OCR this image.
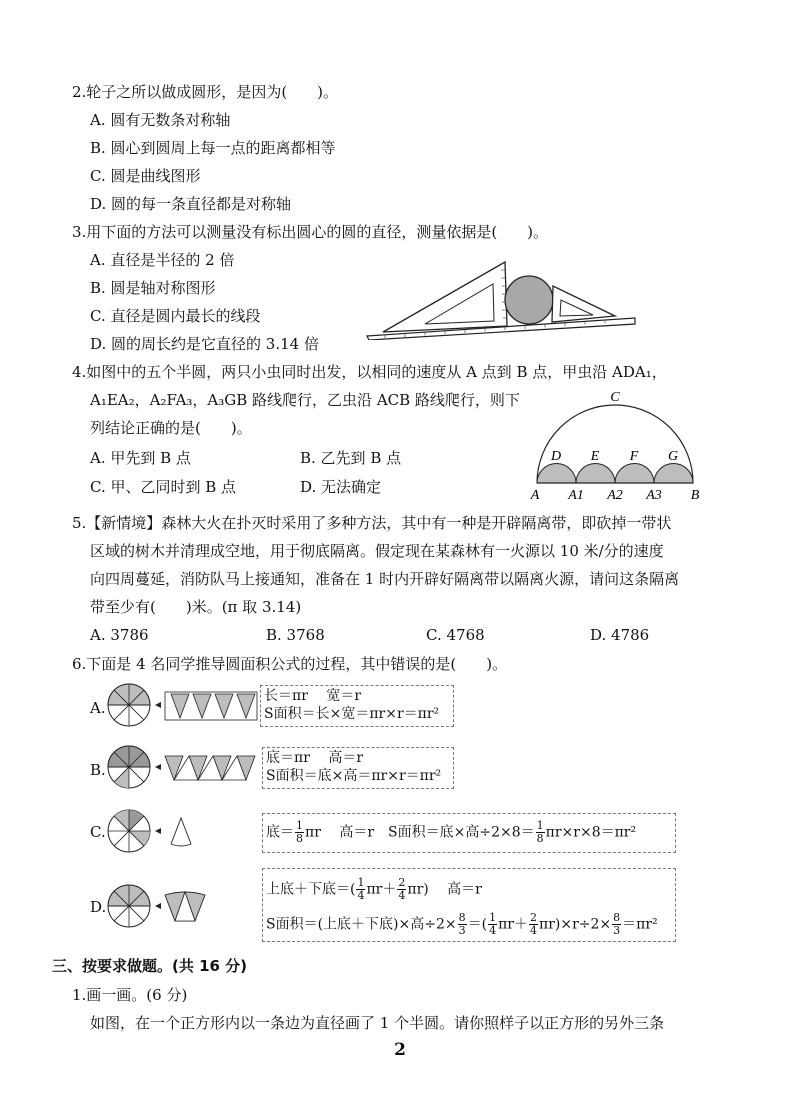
2.轮子之所以做成圆形，是因为(　　)。
A. 圆有无数条对称轴
B. 圆心到圆周上每一点的距离都相等
C. 圆是曲线图形
D. 圆的每一条直径都是对称轴
3.用下面的方法可以测量没有标出圆心的圆的直径，测量依据是(　　)。
A. 直径是半径的 2 倍
B. 圆是轴对称图形
C. 直径是圆内最长的线段
D. 圆的周长约是它直径的 3.14 倍
4.如图中的五个半圆，两只小虫同时出发，以相同的速度从 A 点到 B 点，甲虫沿 ADA₁，
A₁EA₂，A₂FA₃，A₃GB 路线爬行，乙虫沿 ACB 路线爬行，则下
列结论正确的是(　　)。
A. 甲先到 B 点	B. 乙先到 B 点
C. 甲、乙同时到 B 点	D. 无法确定
C
D E F G
A A1 A2 A3 B
5.【新情境】森林大火在扑灭时采用了多种方法，其中有一种是开辟隔离带，即砍掉一带状
区域的树木并清理成空地，用于彻底隔离。假定现在某森林有一火源以 10 米/分的速度
向四周蔓延，消防队马上接通知，准备在 1 时内开辟好隔离带以隔离火源，请问这条隔离
带至少有(　　)米。(π 取 3.14)
A. 3786	B. 3768	C. 4768	D. 4786
6.下面是 4 名同学推导圆面积公式的过程，其中错误的是(　　)。
A.
长＝πr　 宽＝r
S面积＝长×宽＝πr×r＝πr²
B.
底＝πr　 高＝r
S面积＝底×高＝πr×r＝πr²
C.	底＝ $\frac{1}{8}$ πr　 高＝r　S面积＝底×高$\div 2\times 8= \frac{1}{8} \pi r\times r\times 8=\pi r^2$
D.
上底＋下底＝( $\frac{1}{4} \pi r+ \frac{2}{4} \pi r$)　 高＝r
S面积＝(上底＋下底)×高$\div 2\times \frac{8}{3}$ ＝( $\frac{1}{4} \pi r+ \frac{2}{4} \pi r)\times r\div 2\times \frac{8}{3} =\pi r^2$
三、按要求做题。(共 16 分)
1.画一画。(6 分)
如图，在一个正方形内以一条边为直径画了 1 个半圆。请你照样子以正方形的另外三条
2
